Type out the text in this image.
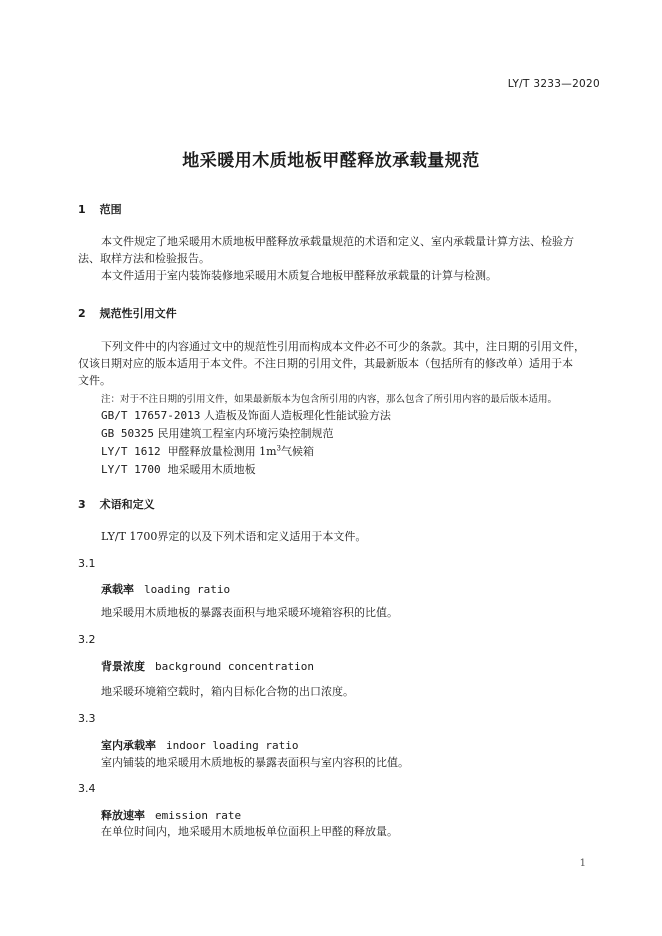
LY/T 3233—2020
地采暖用木质地板甲醛释放承载量规范
1 范围
本文件规定了地采暖用木质地板甲醛释放承载量规范的术语和定义、室内承载量计算方法、检验方
法、取样方法和检验报告。
本文件适用于室内装饰装修地采暖用木质复合地板甲醛释放承载量的计算与检测。
2 规范性引用文件
下列文件中的内容通过文中的规范性引用而构成本文件必不可少的条款。其中，注日期的引用文件，
仅该日期对应的版本适用于本文件。不注日期的引用文件，其最新版本（包括所有的修改单）适用于本
文件。
注：对于不注日期的引用文件，如果最新版本为包含所引用的内容，那么包含了所引用内容的最后版本适用。
GB/T 17657-2013 人造板及饰面人造板理化性能试验方法
GB 50325 民用建筑工程室内环境污染控制规范
LY/T 1612 甲醛释放量检测用 $1m^3$气候箱
LY/T 1700 地采暖用木质地板
3 术语和定义
LY/T 1700界定的以及下列术语和定义适用于本文件。
3.1
承载率 loading ratio
地采暖用木质地板的暴露表面积与地采暖环境箱容积的比值。
3.2
背景浓度 background concentration
地采暖环境箱空载时，箱内目标化合物的出口浓度。
3.3
室内承载率 indoor loading ratio
室内铺装的地采暖用木质地板的暴露表面积与室内容积的比值。
3.4
释放速率 emission rate
在单位时间内，地采暖用木质地板单位面积上甲醛的释放量。
1
